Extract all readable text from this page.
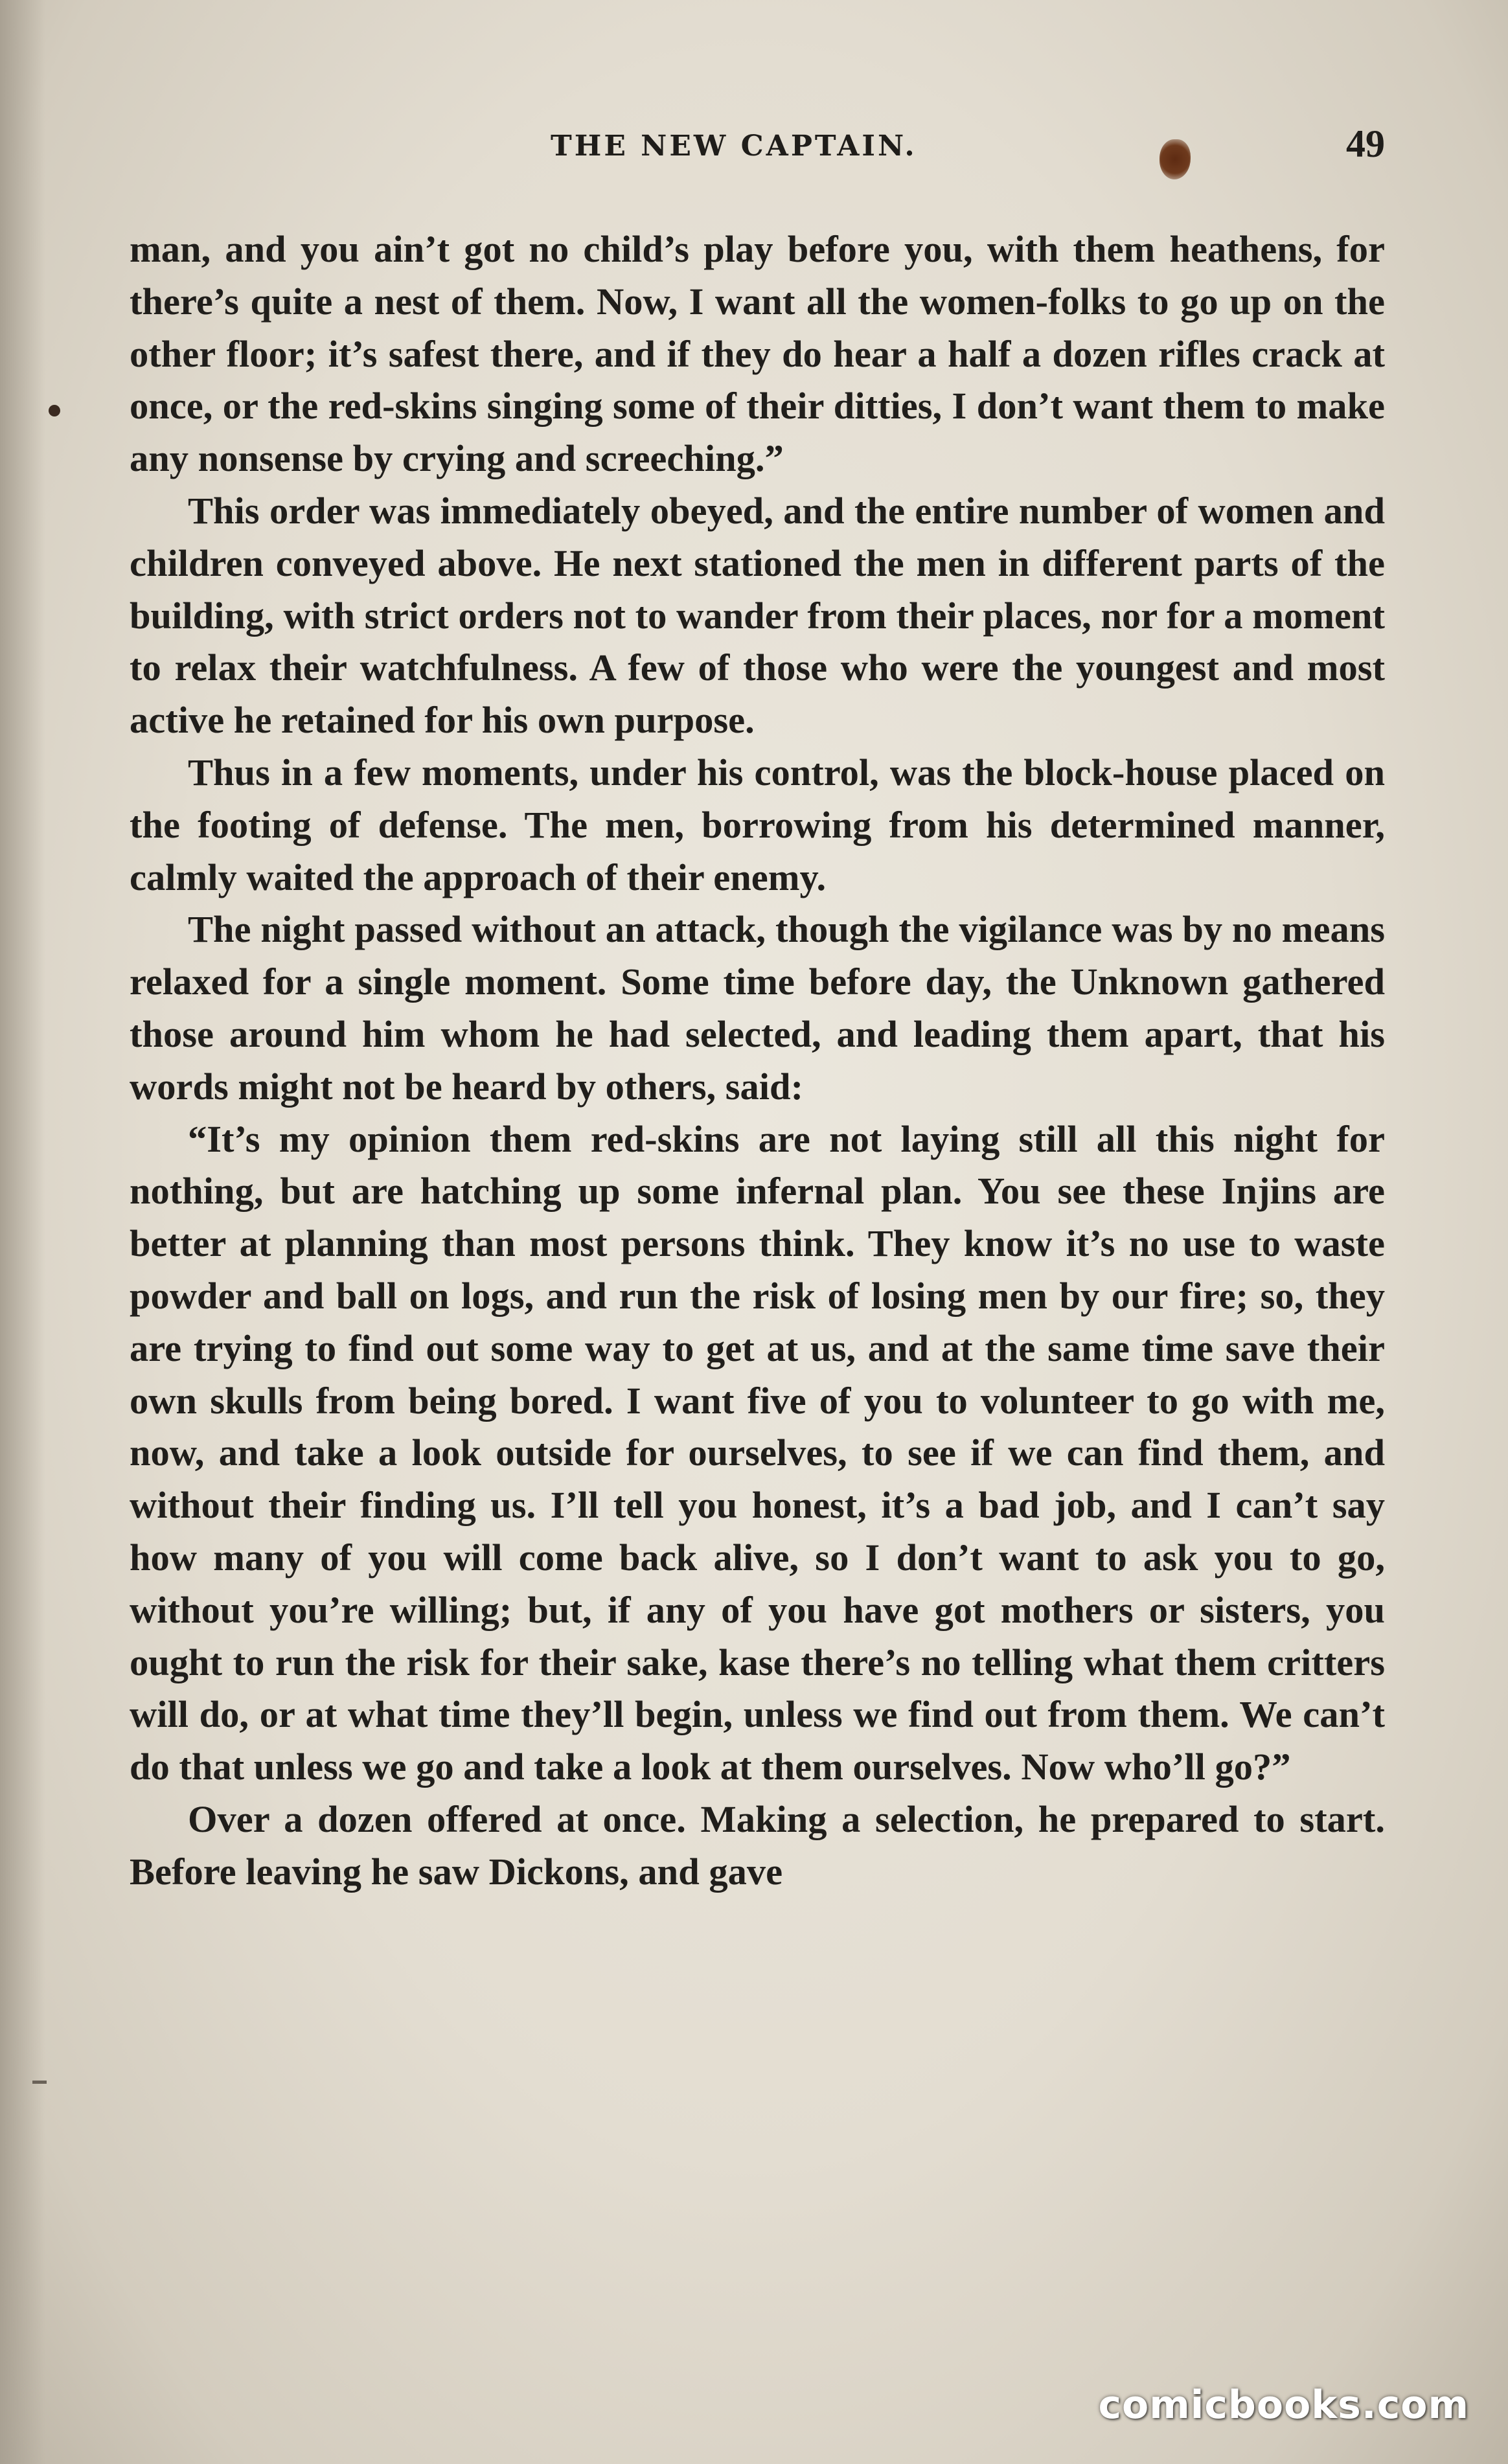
THE NEW CAPTAIN.	49

man, and you ain’t got no child’s play before you, with them heathens, for there’s quite a nest of them. Now, I want all the women-folks to go up on the other floor; it’s safest there, and if they do hear a half a dozen rifles crack at once, or the red-skins singing some of their ditties, I don’t want them to make any nonsense by crying and screeching.”

This order was immediately obeyed, and the entire number of women and children conveyed above. He next stationed the men in different parts of the building, with strict orders not to wander from their places, nor for a moment to relax their watchfulness. A few of those who were the youngest and most active he retained for his own purpose.

Thus in a few moments, under his control, was the block-house placed on the footing of defense. The men, borrowing from his determined manner, calmly waited the approach of their enemy.

The night passed without an attack, though the vigilance was by no means relaxed for a single moment. Some time before day, the Unknown gathered those around him whom he had selected, and leading them apart, that his words might not be heard by others, said:

“It’s my opinion them red-skins are not laying still all this night for nothing, but are hatching up some infernal plan. You see these Injins are better at planning than most persons think. They know it’s no use to waste powder and ball on logs, and run the risk of losing men by our fire; so, they are trying to find out some way to get at us, and at the same time save their own skulls from being bored. I want five of you to volunteer to go with me, now, and take a look outside for ourselves, to see if we can find them, and without their finding us. I’ll tell you honest, it’s a bad job, and I can’t say how many of you will come back alive, so I don’t want to ask you to go, without you’re willing; but, if any of you have got mothers or sisters, you ought to run the risk for their sake, kase there’s no telling what them critters will do, or at what time they’ll begin, unless we find out from them. We can’t do that unless we go and take a look at them ourselves. Now who’ll go?”

Over a dozen offered at once. Making a selection, he prepared to start. Before leaving he saw Dickons, and gave

comicbooks.com
